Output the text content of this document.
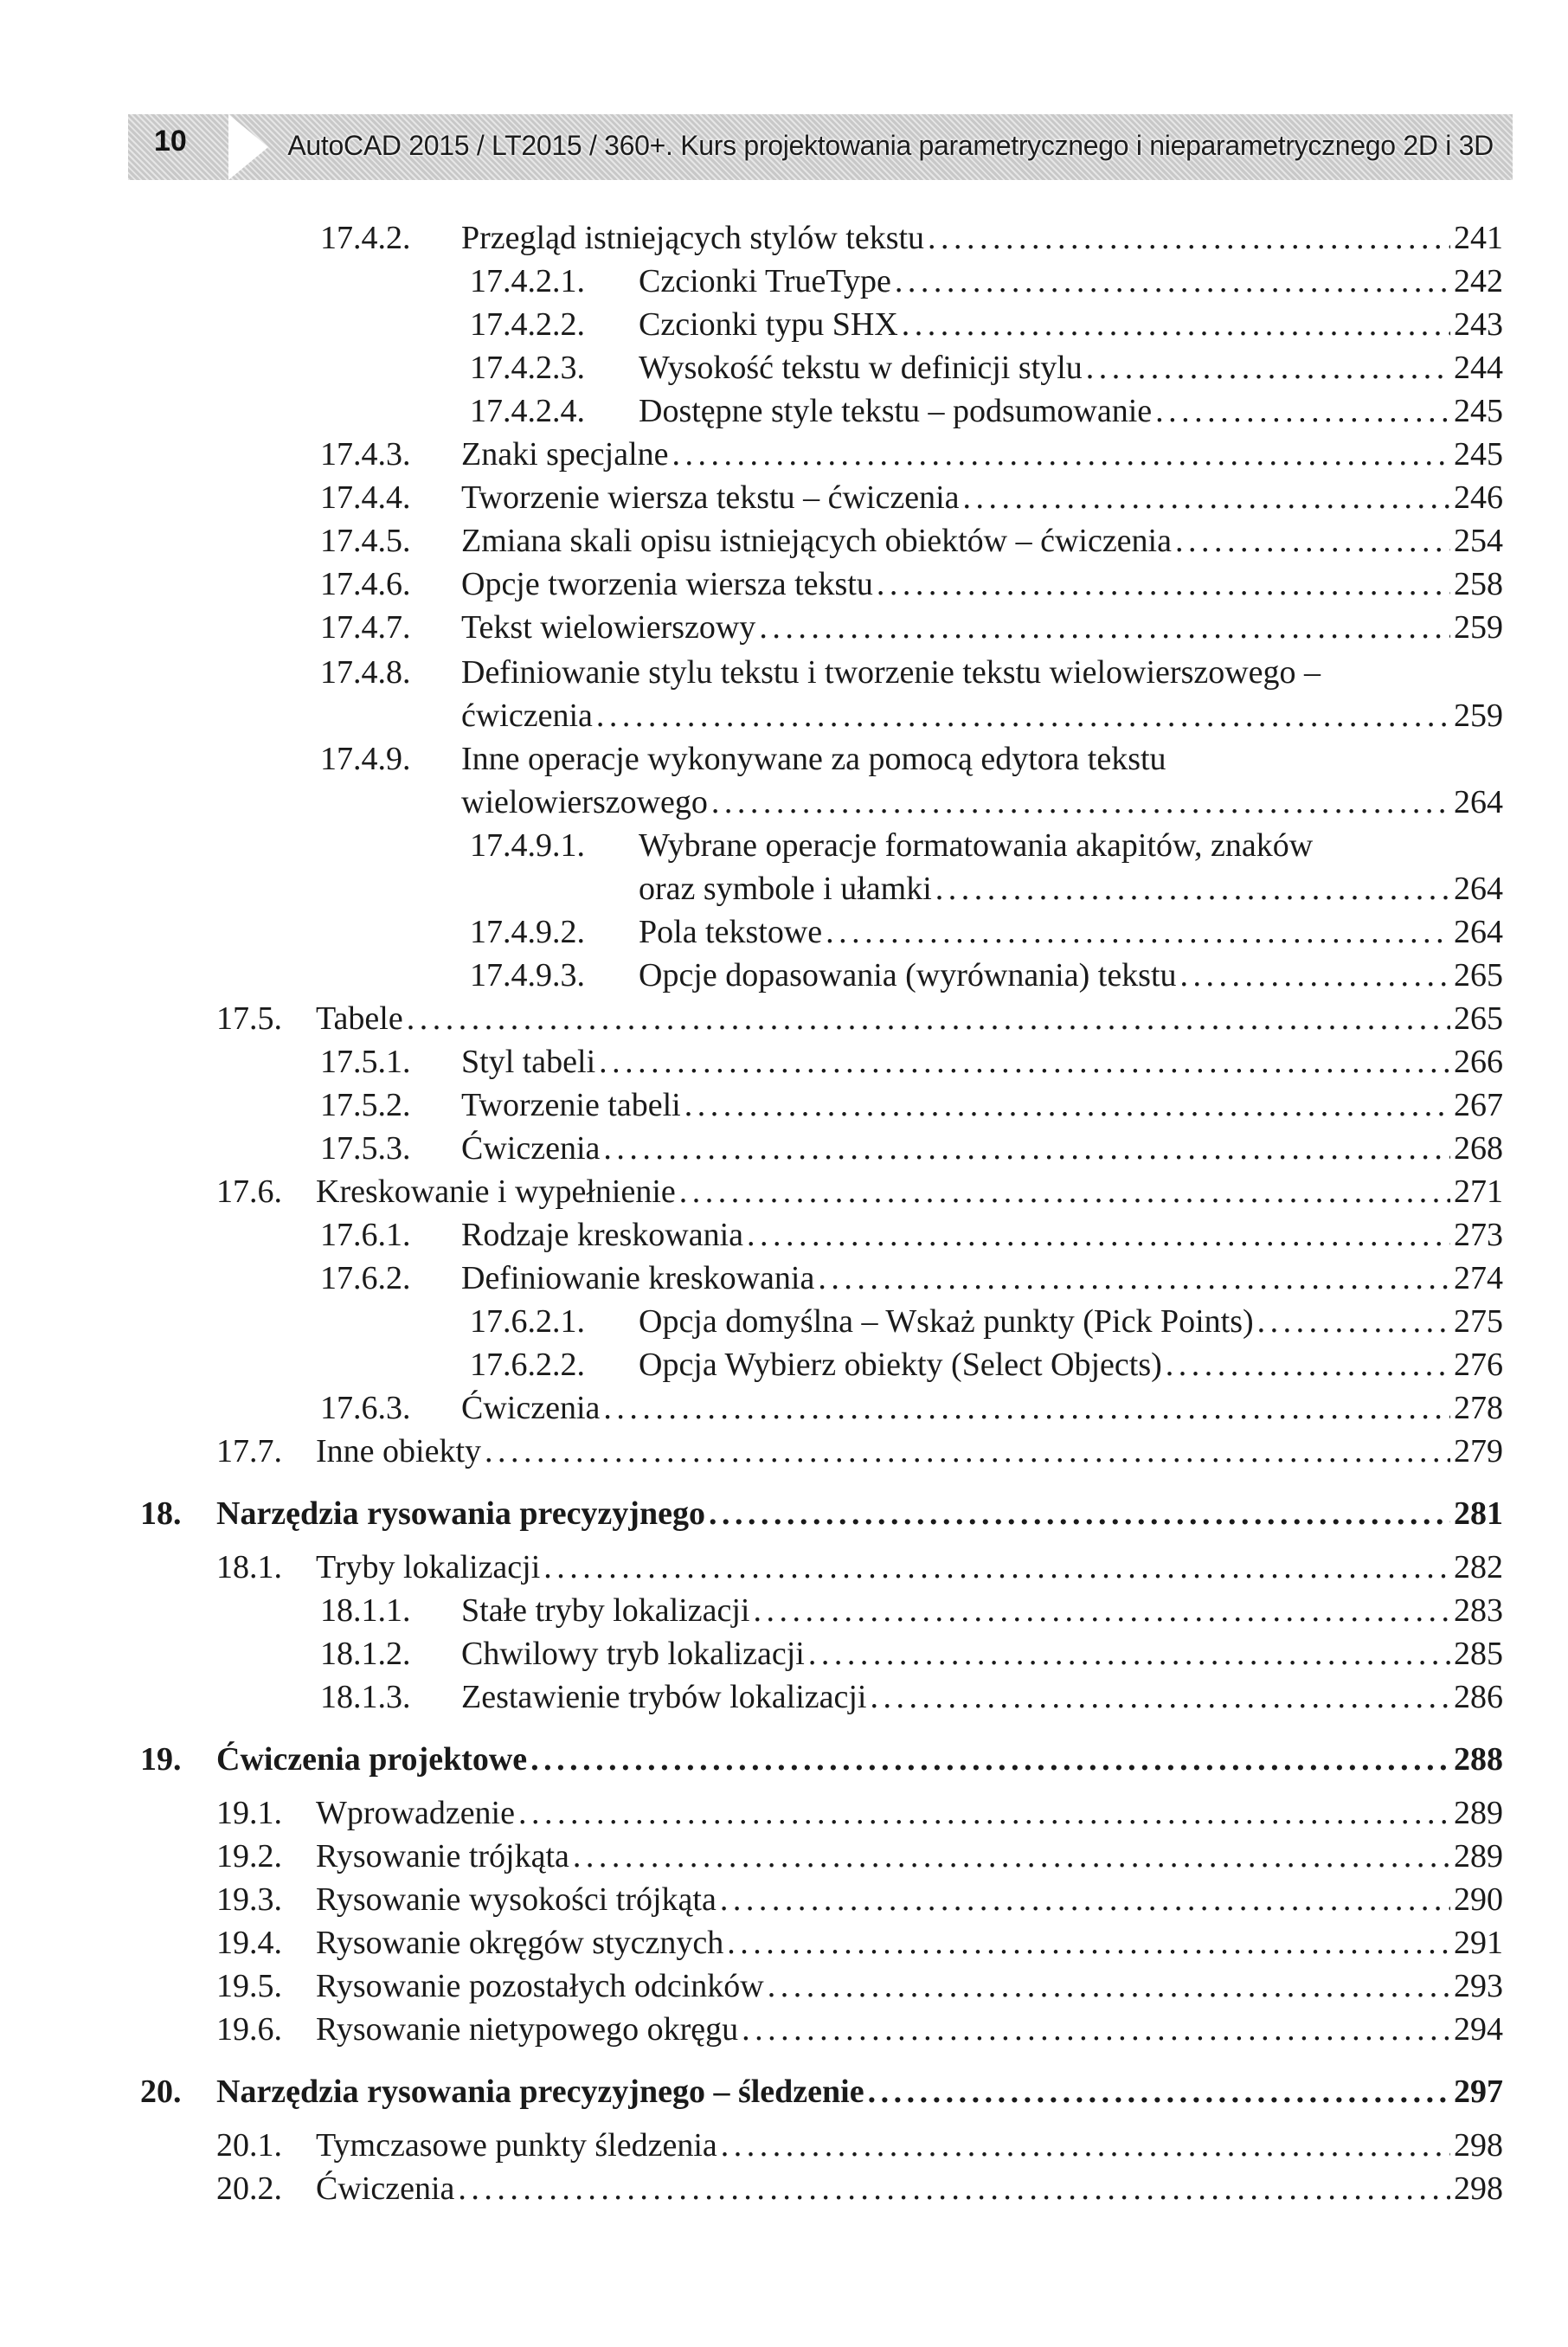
10	AutoCAD 2015 / LT2015 / 360+. Kurs projektowania parametrycznego i nieparametrycznego 2D i 3D
17.4.2. Przegląd istniejących stylów tekstu . . .	241
17.4.2.1. Czcionki TrueType . . .	242
17.4.2.2. Czcionki typu SHX . . .	243
17.4.2.3. Wysokość tekstu w definicji stylu . . .	244
17.4.2.4. Dostępne style tekstu – podsumowanie . . .	245
17.4.3. Znaki specjalne . . .	245
17.4.4. Tworzenie wiersza tekstu – ćwiczenia . . .	246
17.4.5. Zmiana skali opisu istniejących obiektów – ćwiczenia . . .	254
17.4.6. Opcje tworzenia wiersza tekstu . . .	258
17.4.7. Tekst wielowierszowy . . .	259
17.4.8. Definiowanie stylu tekstu i tworzenie tekstu wielowierszowego –
ćwiczenia . . .	259
17.4.9. Inne operacje wykonywane za pomocą edytora tekstu
wielowierszowego . . .	264
17.4.9.1. Wybrane operacje formatowania akapitów, znaków
oraz symbole i ułamki . . .	264
17.4.9.2. Pola tekstowe . . .	264
17.4.9.3. Opcje dopasowania (wyrównania) tekstu . . .	265
17.5. Tabele . . .	265
17.5.1. Styl tabeli . . .	266
17.5.2. Tworzenie tabeli . . .	267
17.5.3. Ćwiczenia . . .	268
17.6. Kreskowanie i wypełnienie . . .	271
17.6.1. Rodzaje kreskowania . . .	273
17.6.2. Definiowanie kreskowania . . .	274
17.6.2.1. Opcja domyślna – Wskaż punkty (Pick Points) . . .	275
17.6.2.2. Opcja Wybierz obiekty (Select Objects) . . .	276
17.6.3. Ćwiczenia . . .	278
17.7. Inne obiekty . . .	279
18. Narzędzia rysowania precyzyjnego . . .	281
18.1. Tryby lokalizacji . . .	282
18.1.1. Stałe tryby lokalizacji . . .	283
18.1.2. Chwilowy tryb lokalizacji . . .	285
18.1.3. Zestawienie trybów lokalizacji . . .	286
19. Ćwiczenia projektowe . . .	288
19.1. Wprowadzenie . . .	289
19.2. Rysowanie trójkąta . . .	289
19.3. Rysowanie wysokości trójkąta . . .	290
19.4. Rysowanie okręgów stycznych . . .	291
19.5. Rysowanie pozostałych odcinków . . .	293
19.6. Rysowanie nietypowego okręgu . . .	294
20. Narzędzia rysowania precyzyjnego – śledzenie . . .	297
20.1. Tymczasowe punkty śledzenia . . .	298
20.2. Ćwiczenia . . .	298
